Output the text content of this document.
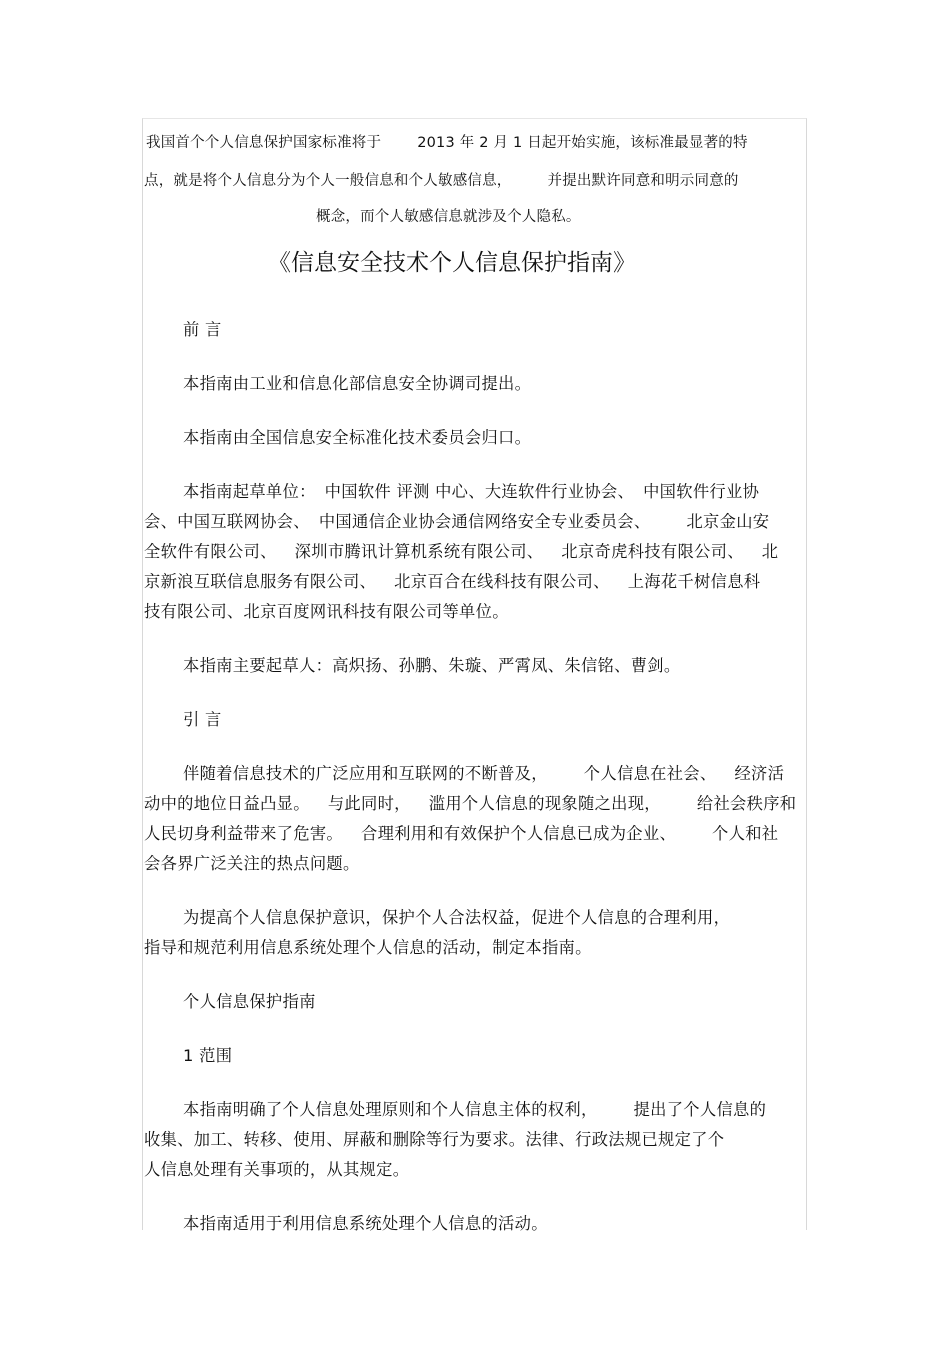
我国首个个人信息保护国家标准将于 2013 年 2 月 1 日起开始实施，该标准最显著的特
点，就是将个人信息分为个人一般信息和个人敏感信息， 并提出默许同意和明示同意的
概念，而个人敏感信息就涉及个人隐私。
《信息安全技术个人信息保护指南》
前 言
本指南由工业和信息化部信息安全协调司提出。
本指南由全国信息安全标准化技术委员会归口。
本指南起草单位： 中国软件 评测 中心、大连软件行业协会、 中国软件行业协
会、中国互联网协会、 中国通信企业协会通信网络安全专业委员会、 北京金山安
全软件有限公司、 深圳市腾讯计算机系统有限公司、 北京奇虎科技有限公司、 北
京新浪互联信息服务有限公司、 北京百合在线科技有限公司、 上海花千树信息科
技有限公司、北京百度网讯科技有限公司等单位。
本指南主要起草人：高炽扬、孙鹏、朱璇、严霄凤、朱信铭、曹剑。
引 言
伴随着信息技术的广泛应用和互联网的不断普及， 个人信息在社会、 经济活
动中的地位日益凸显。 与此同时， 滥用个人信息的现象随之出现， 给社会秩序和
人民切身利益带来了危害。 合理利用和有效保护个人信息已成为企业、 个人和社
会各界广泛关注的热点问题。
为提高个人信息保护意识，保护个人合法权益，促进个人信息的合理利用，
指导和规范利用信息系统处理个人信息的活动，制定本指南。
个人信息保护指南
1 范围
本指南明确了个人信息处理原则和个人信息主体的权利， 提出了个人信息的
收集、加工、转移、使用、屏蔽和删除等行为要求。法律、行政法规已规定了个
人信息处理有关事项的，从其规定。
本指南适用于利用信息系统处理个人信息的活动。
